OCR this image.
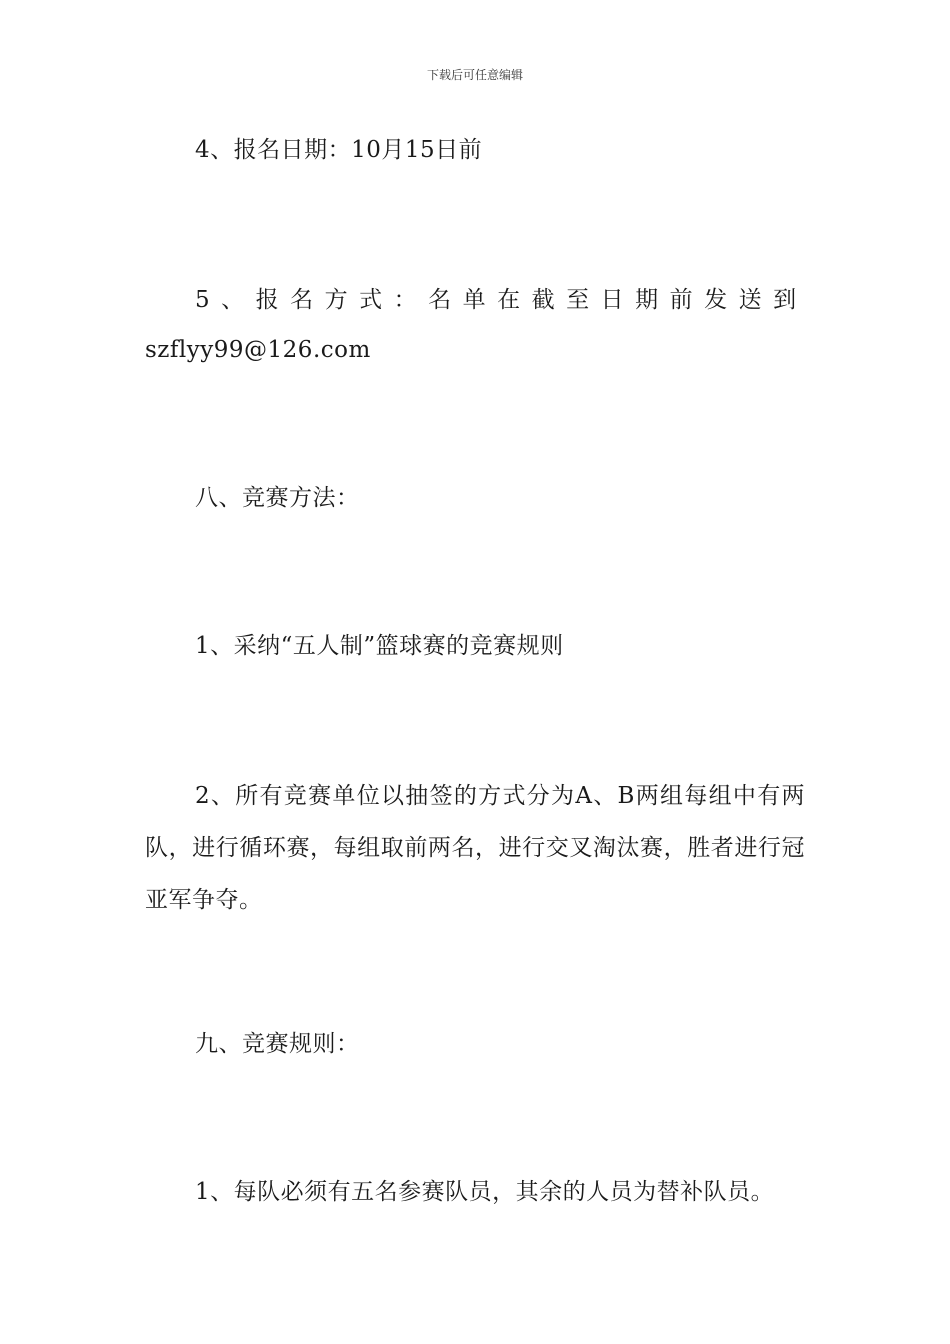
下载后可任意编辑

4、报名日期：10月15日前

5、报名方式：名单在截至日期前发送到

szflyy99@126.com

八、竞赛方法：

1、采纳“五人制”篮球赛的竞赛规则

2、所有竞赛单位以抽签的方式分为A、B两组每组中有两队，进行循环赛，每组取前两名，进行交叉淘汰赛，胜者进行冠亚军争夺。

九、竞赛规则：

1、每队必须有五名参赛队员，其余的人员为替补队员。
